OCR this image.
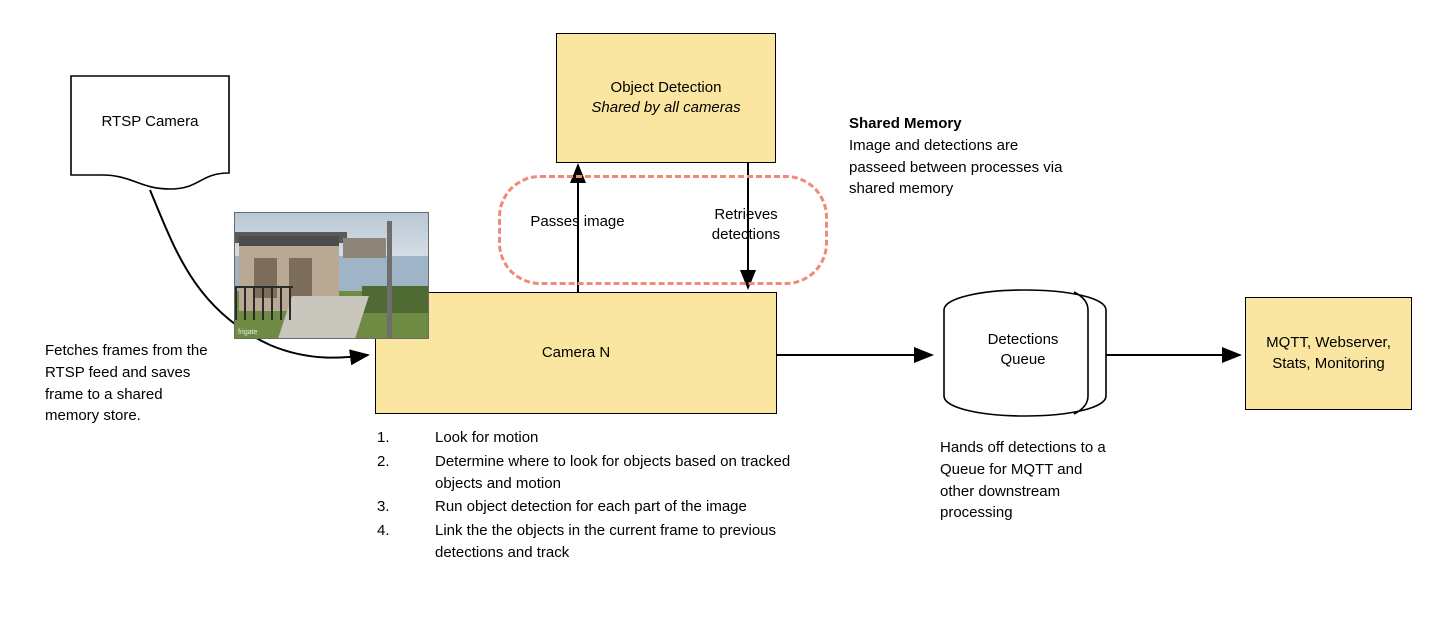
RTSP Camera
Object Detection
Shared by all cameras
Camera N
frigate	Detections
Queue
MQTT, Webserver,
Stats, Monitoring
Passes image	Retrieves detections
Shared Memory
Image and detections are passeed between processes via shared memory
Fetches frames from the RTSP feed and saves frame to a shared memory store.
Hands off detections to a Queue for MQTT and other downstream processing
1.	Look for motion
2.	Determine where to look for objects based on tracked objects and motion
3.	Run object detection for each part of the image
4.	Link the the objects in the current frame to previous detections and track
